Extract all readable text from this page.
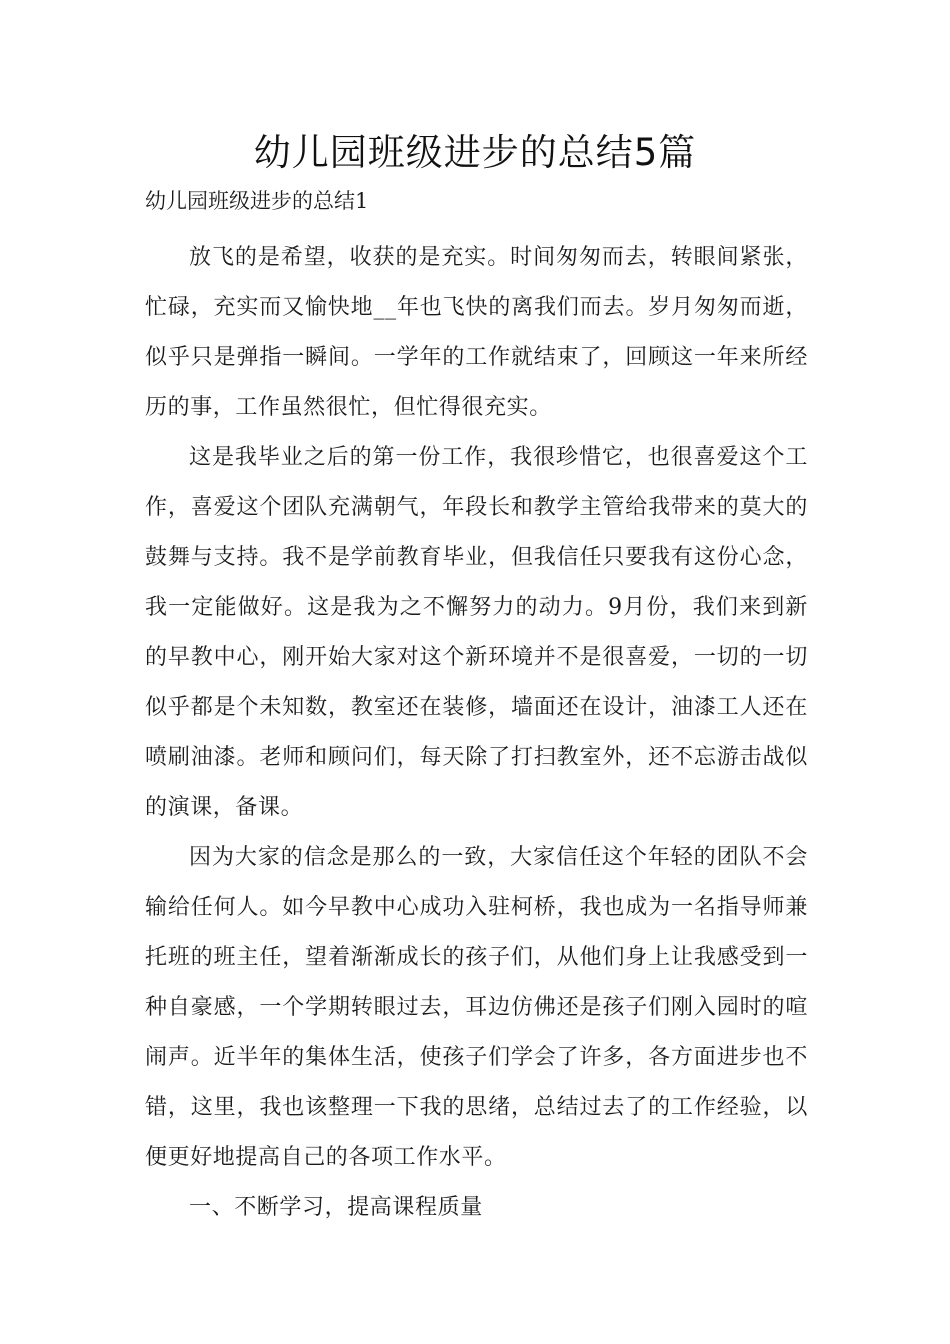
幼儿园班级进步的总结5篇

幼儿园班级进步的总结1

放飞的是希望，收获的是充实。时间匆匆而去，转眼间紧张，忙碌，充实而又愉快地__年也飞快的离我们而去。岁月匆匆而逝，似乎只是弹指一瞬间。一学年的工作就结束了，回顾这一年来所经历的事，工作虽然很忙，但忙得很充实。

这是我毕业之后的第一份工作，我很珍惜它，也很喜爱这个工作，喜爱这个团队充满朝气，年段长和教学主管给我带来的莫大的鼓舞与支持。我不是学前教育毕业，但我信任只要我有这份心念，我一定能做好。这是我为之不懈努力的动力。9月份，我们来到新的早教中心，刚开始大家对这个新环境并不是很喜爱，一切的一切似乎都是个未知数，教室还在装修，墙面还在设计，油漆工人还在喷刷油漆。老师和顾问们，每天除了打扫教室外，还不忘游击战似的演课，备课。

因为大家的信念是那么的一致，大家信任这个年轻的团队不会输给任何人。如今早教中心成功入驻柯桥，我也成为一名指导师兼托班的班主任，望着渐渐成长的孩子们，从他们身上让我感受到一种自豪感，一个学期转眼过去，耳边仿佛还是孩子们刚入园时的喧闹声。近半年的集体生活，使孩子们学会了许多，各方面进步也不错，这里，我也该整理一下我的思绪，总结过去了的工作经验，以便更好地提高自己的各项工作水平。

一、不断学习，提高课程质量
